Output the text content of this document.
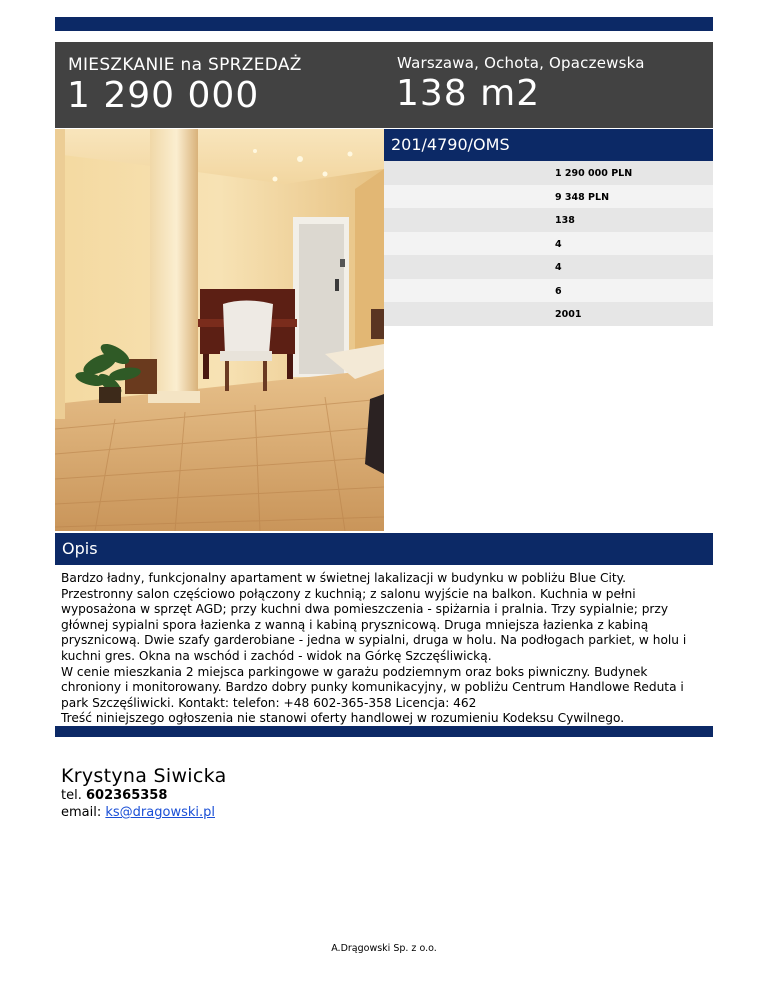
MIESZKANIE na SPRZEDAŻ
1 290 000
Warszawa, Ochota, Opaczewska
138 m2
201/4790/OMS
1 290 000 PLN
9 348 PLN
138
4
4
6
2001
Opis
Bardzo ładny, funkcjonalny apartament w świetnej lakalizacji w budynku w pobliżu Blue City.
Przestronny salon częściowo połączony z kuchnią; z salonu wyjście na balkon. Kuchnia w pełni wyposażona w sprzęt AGD; przy kuchni dwa pomieszczenia - spiżarnia i pralnia. Trzy sypialnie; przy głównej sypialni spora łazienka z wanną i kabiną prysznicową. Druga mniejsza łazienka z kabiną prysznicową. Dwie szafy garderobiane - jedna w sypialni, druga w holu. Na podłogach parkiet, w holu i kuchni gres. Okna na wschód i zachód - widok na Górkę Szczęśliwicką.
W cenie mieszkania 2 miejsca parkingowe w garażu podziemnym oraz boks piwniczny. Budynek chroniony i monitorowany. Bardzo dobry punky komunikacyjny, w pobliżu Centrum Handlowe Reduta i park Szczęśliwicki. Kontakt: telefon: +48 602-365-358 Licencja: 462
Treść niniejszego ogłoszenia nie stanowi oferty handlowej w rozumieniu Kodeksu Cywilnego.
Krystyna Siwicka
tel. 602365358
email: ks@dragowski.pl
A.Drągowski Sp. z o.o.
